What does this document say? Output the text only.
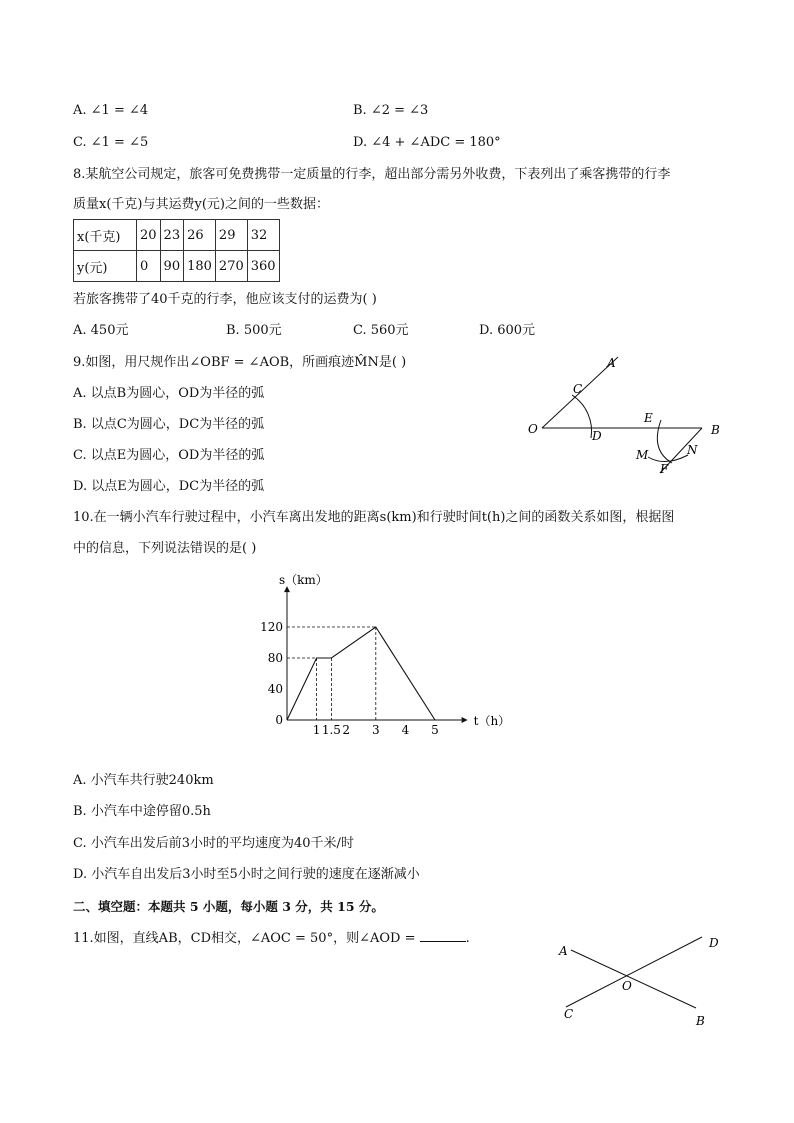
A. ∠1 = ∠4	B. ∠2 = ∠3
C. ∠1 = ∠5	D. ∠4 + ∠ADC = 180°
8.某航空公司规定，旅客可免费携带一定质量的行李，超出部分需另外收费，下表列出了乘客携带的行李
质量x(千克)与其运费y(元)之间的一些数据：
x(千克)	20	23	26	29	32
y(元)	0	90	180	270	360
若旅客携带了40千克的行李，他应该支付的运费为( )
A. 450元	B. 500元	C. 560元	D. 600元
9.如图，用尺规作出∠OBF = ∠AOB，所画痕迹M̂N是( )
A. 以点B为圆心，OD为半径的弧
B. 以点C为圆心，DC为半径的弧
C. 以点E为圆心，OD为半径的弧
D. 以点E为圆心，DC为半径的弧
A
C
O	D
E
B
M	N
F
10.在一辆小汽车行驶过程中，小汽车离出发地的距离s(km)和行驶时间t(h)之间的函数关系如图，根据图
中的信息，下列说法错误的是( )
t（h）
s（km）
0
40
80
120
1 1.5 2 3 4 5
A. 小汽车共行驶240km
B. 小汽车中途停留0.5h
C. 小汽车出发后前3小时的平均速度为40千米/时
D. 小汽车自出发后3小时至5小时之间行驶的速度在逐渐减小
二、填空题：本题共 5 小题，每小题 3 分，共 15 分。
11.如图，直线AB，CD相交，∠AOC = 50°，则∠AOD =	.
A
D
O
C	B
